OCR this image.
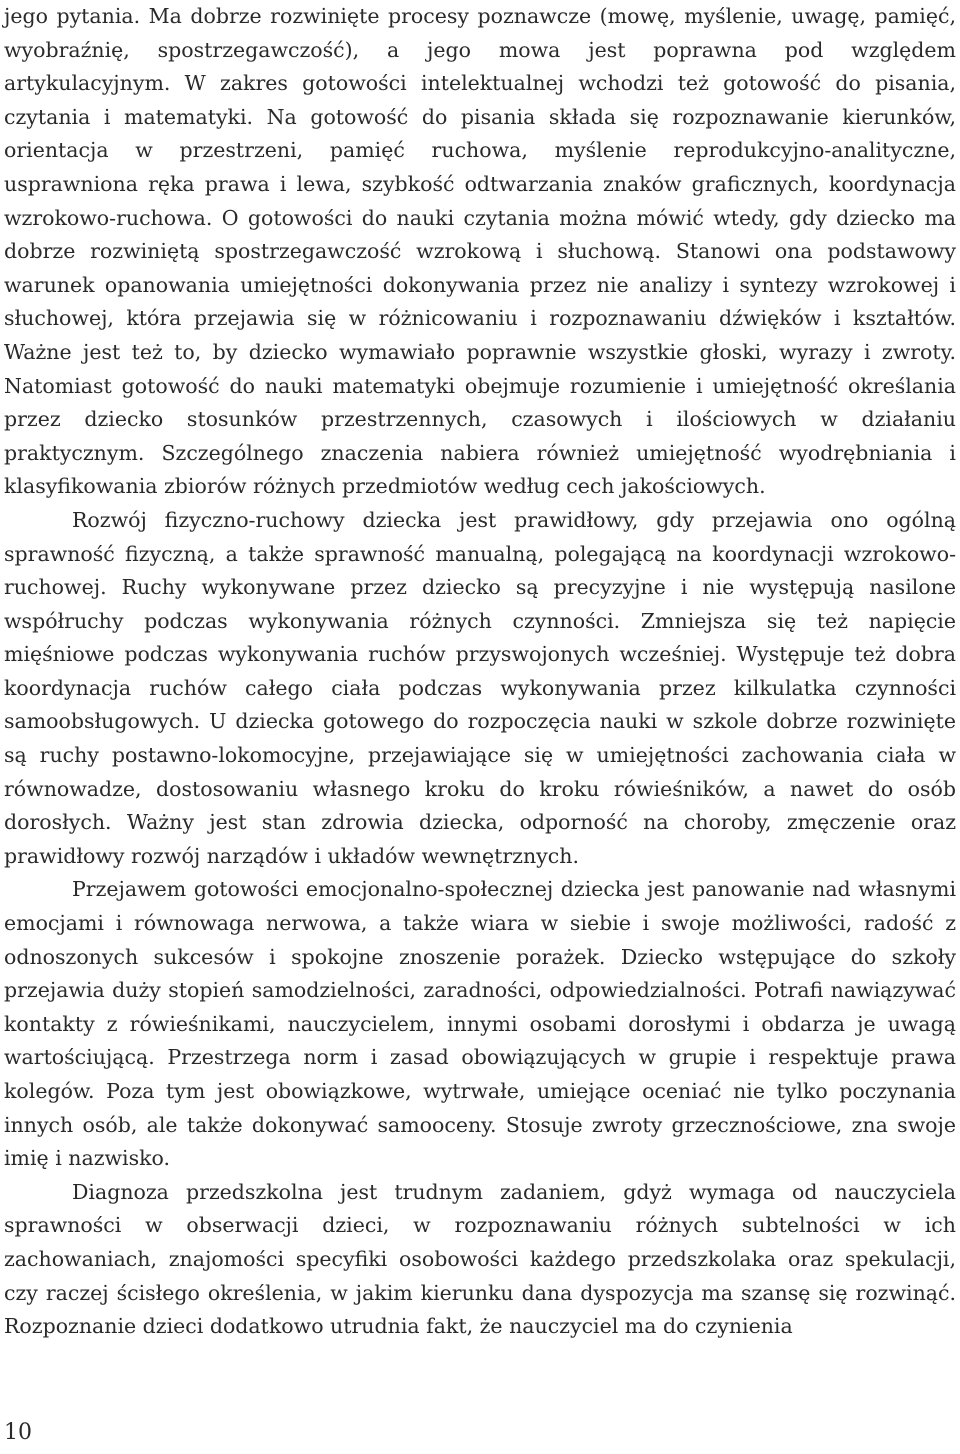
jego pytania. Ma dobrze rozwinięte procesy poznawcze (mowę, myślenie, uwagę, pamięć, wyobraźnię, spostrzegawczość), a jego mowa jest poprawna pod względem artykulacyjnym. W zakres gotowości intelektualnej wchodzi też gotowość do pisania, czytania i matematyki. Na gotowość do pisania składa się rozpoznawanie kierunków, orientacja w przestrzeni, pamięć ruchowa, myślenie reprodukcyjno-analityczne, usprawniona ręka prawa i lewa, szybkość odtwarzania znaków graficznych, koordynacja wzrokowo-ruchowa. O gotowości do nauki czytania można mówić wtedy, gdy dziecko ma dobrze rozwiniętą spostrzegawczość wzrokową i słuchową. Stanowi ona podstawowy warunek opanowania umiejętności dokonywania przez nie analizy i syntezy wzrokowej i słuchowej, która przejawia się w różnicowaniu i rozpoznawaniu dźwięków i kształtów. Ważne jest też to, by dziecko wymawiało poprawnie wszystkie głoski, wyrazy i zwroty. Natomiast gotowość do nauki matematyki obejmuje rozumienie i umiejętność określania przez dziecko stosunków przestrzennych, czasowych i ilościowych w działaniu praktycznym. Szczególnego znaczenia nabiera również umiejętność wyodrębniania i klasyfikowania zbiorów różnych przedmiotów według cech jakościowych.

Rozwój fizyczno-ruchowy dziecka jest prawidłowy, gdy przejawia ono ogólną sprawność fizyczną, a także sprawność manualną, polegającą na koordynacji wzrokowo-ruchowej. Ruchy wykonywane przez dziecko są precyzyjne i nie występują nasilone współruchy podczas wykonywania różnych czynności. Zmniejsza się też napięcie mięśniowe podczas wykonywania ruchów przyswojonych wcześniej. Występuje też dobra koordynacja ruchów całego ciała podczas wykonywania przez kilkulatka czynności samoobsługowych. U dziecka gotowego do rozpoczęcia nauki w szkole dobrze rozwinięte są ruchy postawno-lokomocyjne, przejawiające się w umiejętności zachowania ciała w równowadze, dostosowaniu własnego kroku do kroku rówieśników, a nawet do osób dorosłych. Ważny jest stan zdrowia dziecka, odporność na choroby, zmęczenie oraz prawidłowy rozwój narządów i układów wewnętrznych.

Przejawem gotowości emocjonalno-społecznej dziecka jest panowanie nad własnymi emocjami i równowaga nerwowa, a także wiara w siebie i swoje możliwości, radość z odnoszonych sukcesów i spokojne znoszenie porażek. Dziecko wstępujące do szkoły przejawia duży stopień samodzielności, zaradności, odpowiedzialności. Potrafi nawiązywać kontakty z rówieśnikami, nauczycielem, innymi osobami dorosłymi i obdarza je uwagą wartościującą. Przestrzega norm i zasad obowiązujących w grupie i respektuje prawa kolegów. Poza tym jest obowiązkowe, wytrwałe, umiejące oceniać nie tylko poczynania innych osób, ale także dokonywać samooceny. Stosuje zwroty grzecznościowe, zna swoje imię i nazwisko.

Diagnoza przedszkolna jest trudnym zadaniem, gdyż wymaga od nauczyciela sprawności w obserwacji dzieci, w rozpoznawaniu różnych subtelności w ich zachowaniach, znajomości specyfiki osobowości każdego przedszkolaka oraz spekulacji, czy raczej ścisłego określenia, w jakim kierunku dana dyspozycja ma szansę się rozwinąć. Rozpoznanie dzieci dodatkowo utrudnia fakt, że nauczyciel ma do czynienia

10
